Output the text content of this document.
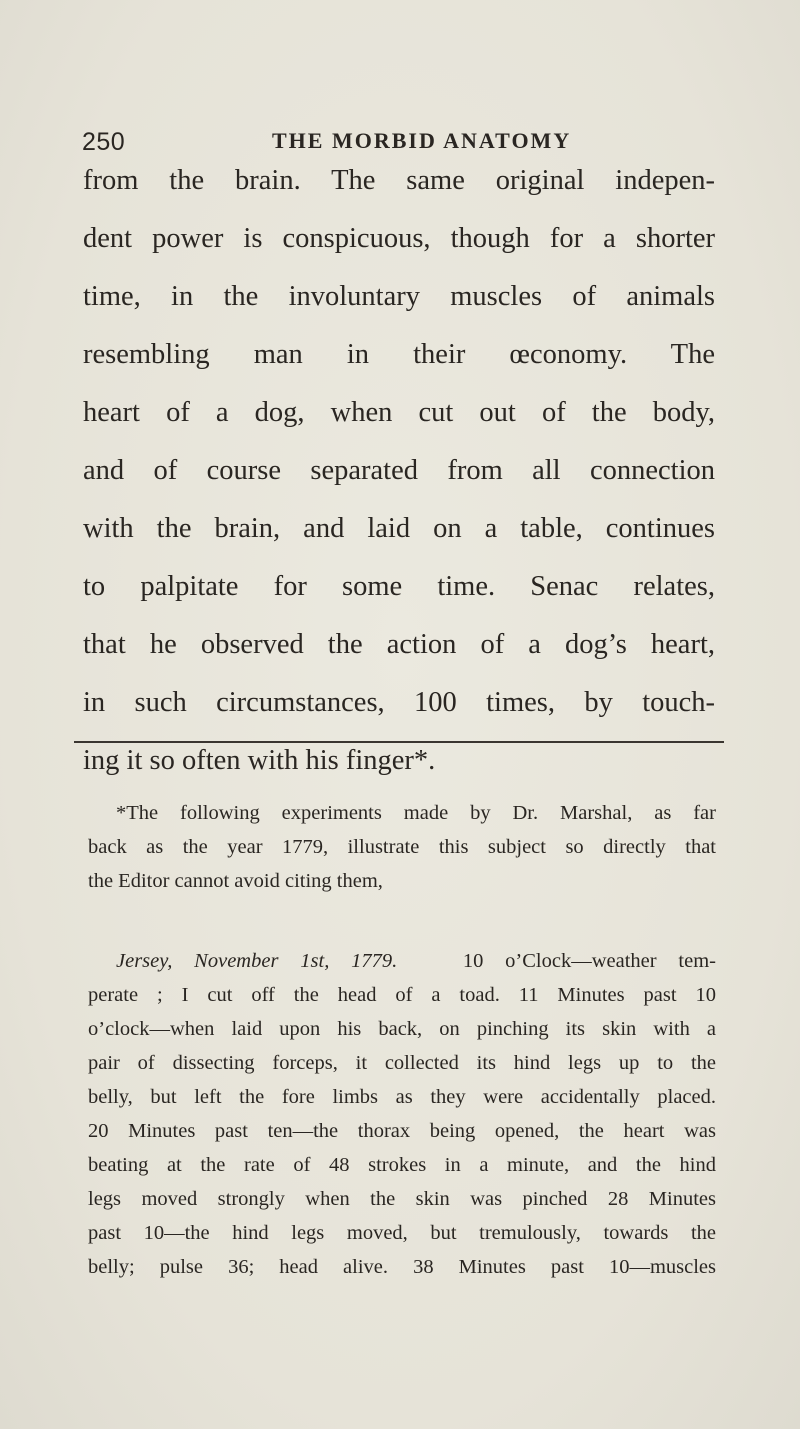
250	THE MORBID ANATOMY
from the brain. The same original indepen-
dent power is conspicuous, though for a shorter
time, in the involuntary muscles of animals
resembling man in their œconomy. The
heart of a dog, when cut out of the body,
and of course separated from all connection
with the brain, and laid on a table, continues
to palpitate for some time. Senac relates,
that he observed the action of a dog’s heart,
in such circumstances, 100 times, by touch-
ing it so often with his finger*.
*The following experiments made by Dr. Marshal, as far
back as the year 1779, illustrate this subject so directly that
the Editor cannot avoid citing them,
Jersey, November 1st, 1779.	10 o’Clock—weather tem-
perate ; I cut off the head of a toad. 11 Minutes past 10
o’clock—when laid upon his back, on pinching its skin with a
pair of dissecting forceps, it collected its hind legs up to the
belly, but left the fore limbs as they were accidentally placed.
20 Minutes past ten—the thorax being opened, the heart was
beating at the rate of 48 strokes in a minute, and the hind
legs moved strongly when the skin was pinched 28 Minutes
past 10—the hind legs moved, but tremulously, towards the
belly; pulse 36; head alive. 38 Minutes past 10—muscles
